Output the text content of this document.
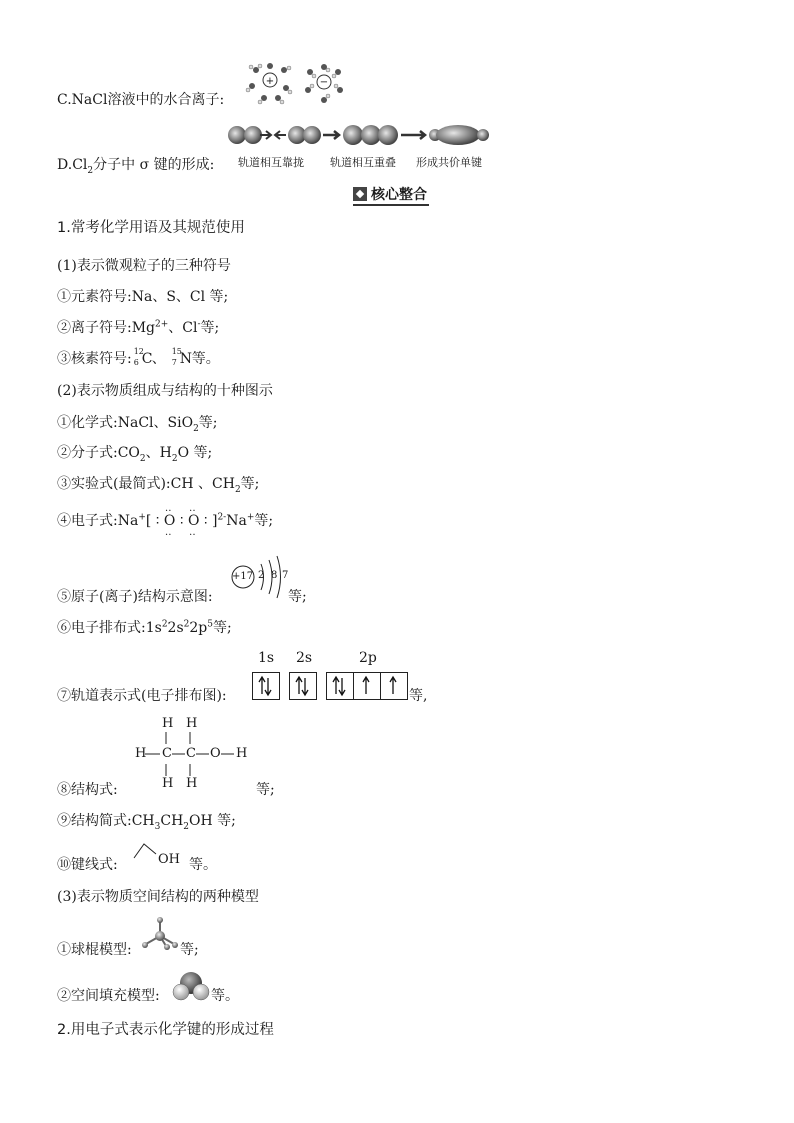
C.NaCl溶液中的水合离子:
+	−
$D.Cl_2$分子中 σ 键的形成: 轨道相互靠拢 轨道相互重叠 形成共价单键
核心整合
1.常考化学用语及其规范使用
(1)表示微观粒子的三种符号
①元素符号:Na、S、Cl 等;
②离子符号$:Mg^{2+}$、Cl-等;
③核素符号: 12
6 C 、 15
7 N 等。
(2)表示物质组成与结构的十种图示
①化学式:NaCl、SiO$_2$等;
②分子式$:CO_2$、$H_2O$ 等;
③实验式(最简式):CH 、$CH_2$等;
④电子式:Na+[ ∶ ‥ O ‥ ∶ ‥ O ‥ ∶ ]$^{2-}$Na+等;
⑤原子(离子)结构示意图:
+17 2 8 7
等;
⑥电子排布式$:1s^22s^22p^5$等;
⑦轨道表示式(电子排布图):
1s 2s	2p
等,
⑧结构式:
H H
H C C O H
H H	等;
⑨结构简式$:CH_3CH_2OH$ 等;
⑩键线式:	OH 等。
(3)表示物质空间结构的两种模型
①球棍模型:	等;
②空间填充模型:	等。
2.用电子式表示化学键的形成过程
